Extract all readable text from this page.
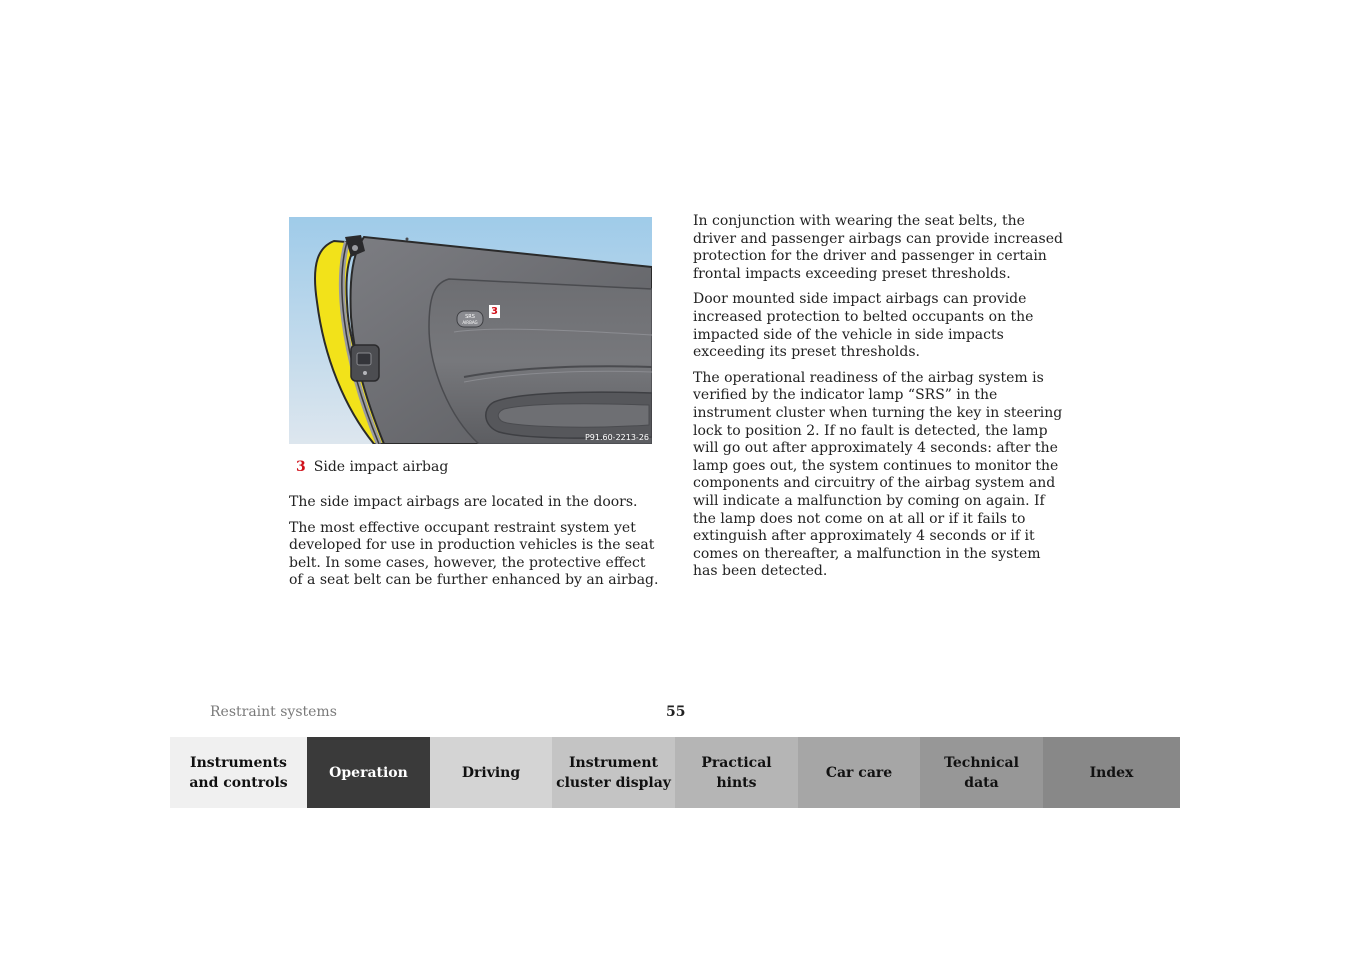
SRS
AIRBAG
3
P91.60-2213-26
3 Side impact airbag

The side impact airbags are located in the doors.

The most effective occupant restraint system yet developed for use in production vehicles is the seat belt. In some cases, however, the protective effect of a seat belt can be further enhanced by an airbag.

In conjunction with wearing the seat belts, the driver and passenger airbags can provide increased protection for the driver and passenger in certain frontal impacts exceeding preset thresholds.

Door mounted side impact airbags can provide increased protection to belted occupants on the impacted side of the vehicle in side impacts exceeding its preset thresholds.

The operational readiness of the airbag system is verified by the indicator lamp “SRS” in the instrument cluster when turning the key in steering lock to position 2. If no fault is detected, the lamp will go out after approximately 4 seconds: after the lamp goes out, the system continues to monitor the components and circuitry of the airbag system and will indicate a malfunction by coming on again. If the lamp does not come on at all or if it fails to extinguish after approximately 4 seconds or if it comes on thereafter, a malfunction in the system has been detected.

Restraint systems	55
Instruments
and controls
Operation	Driving
Instrument
cluster display
Practical hints
Car care
Technical
data
Index
